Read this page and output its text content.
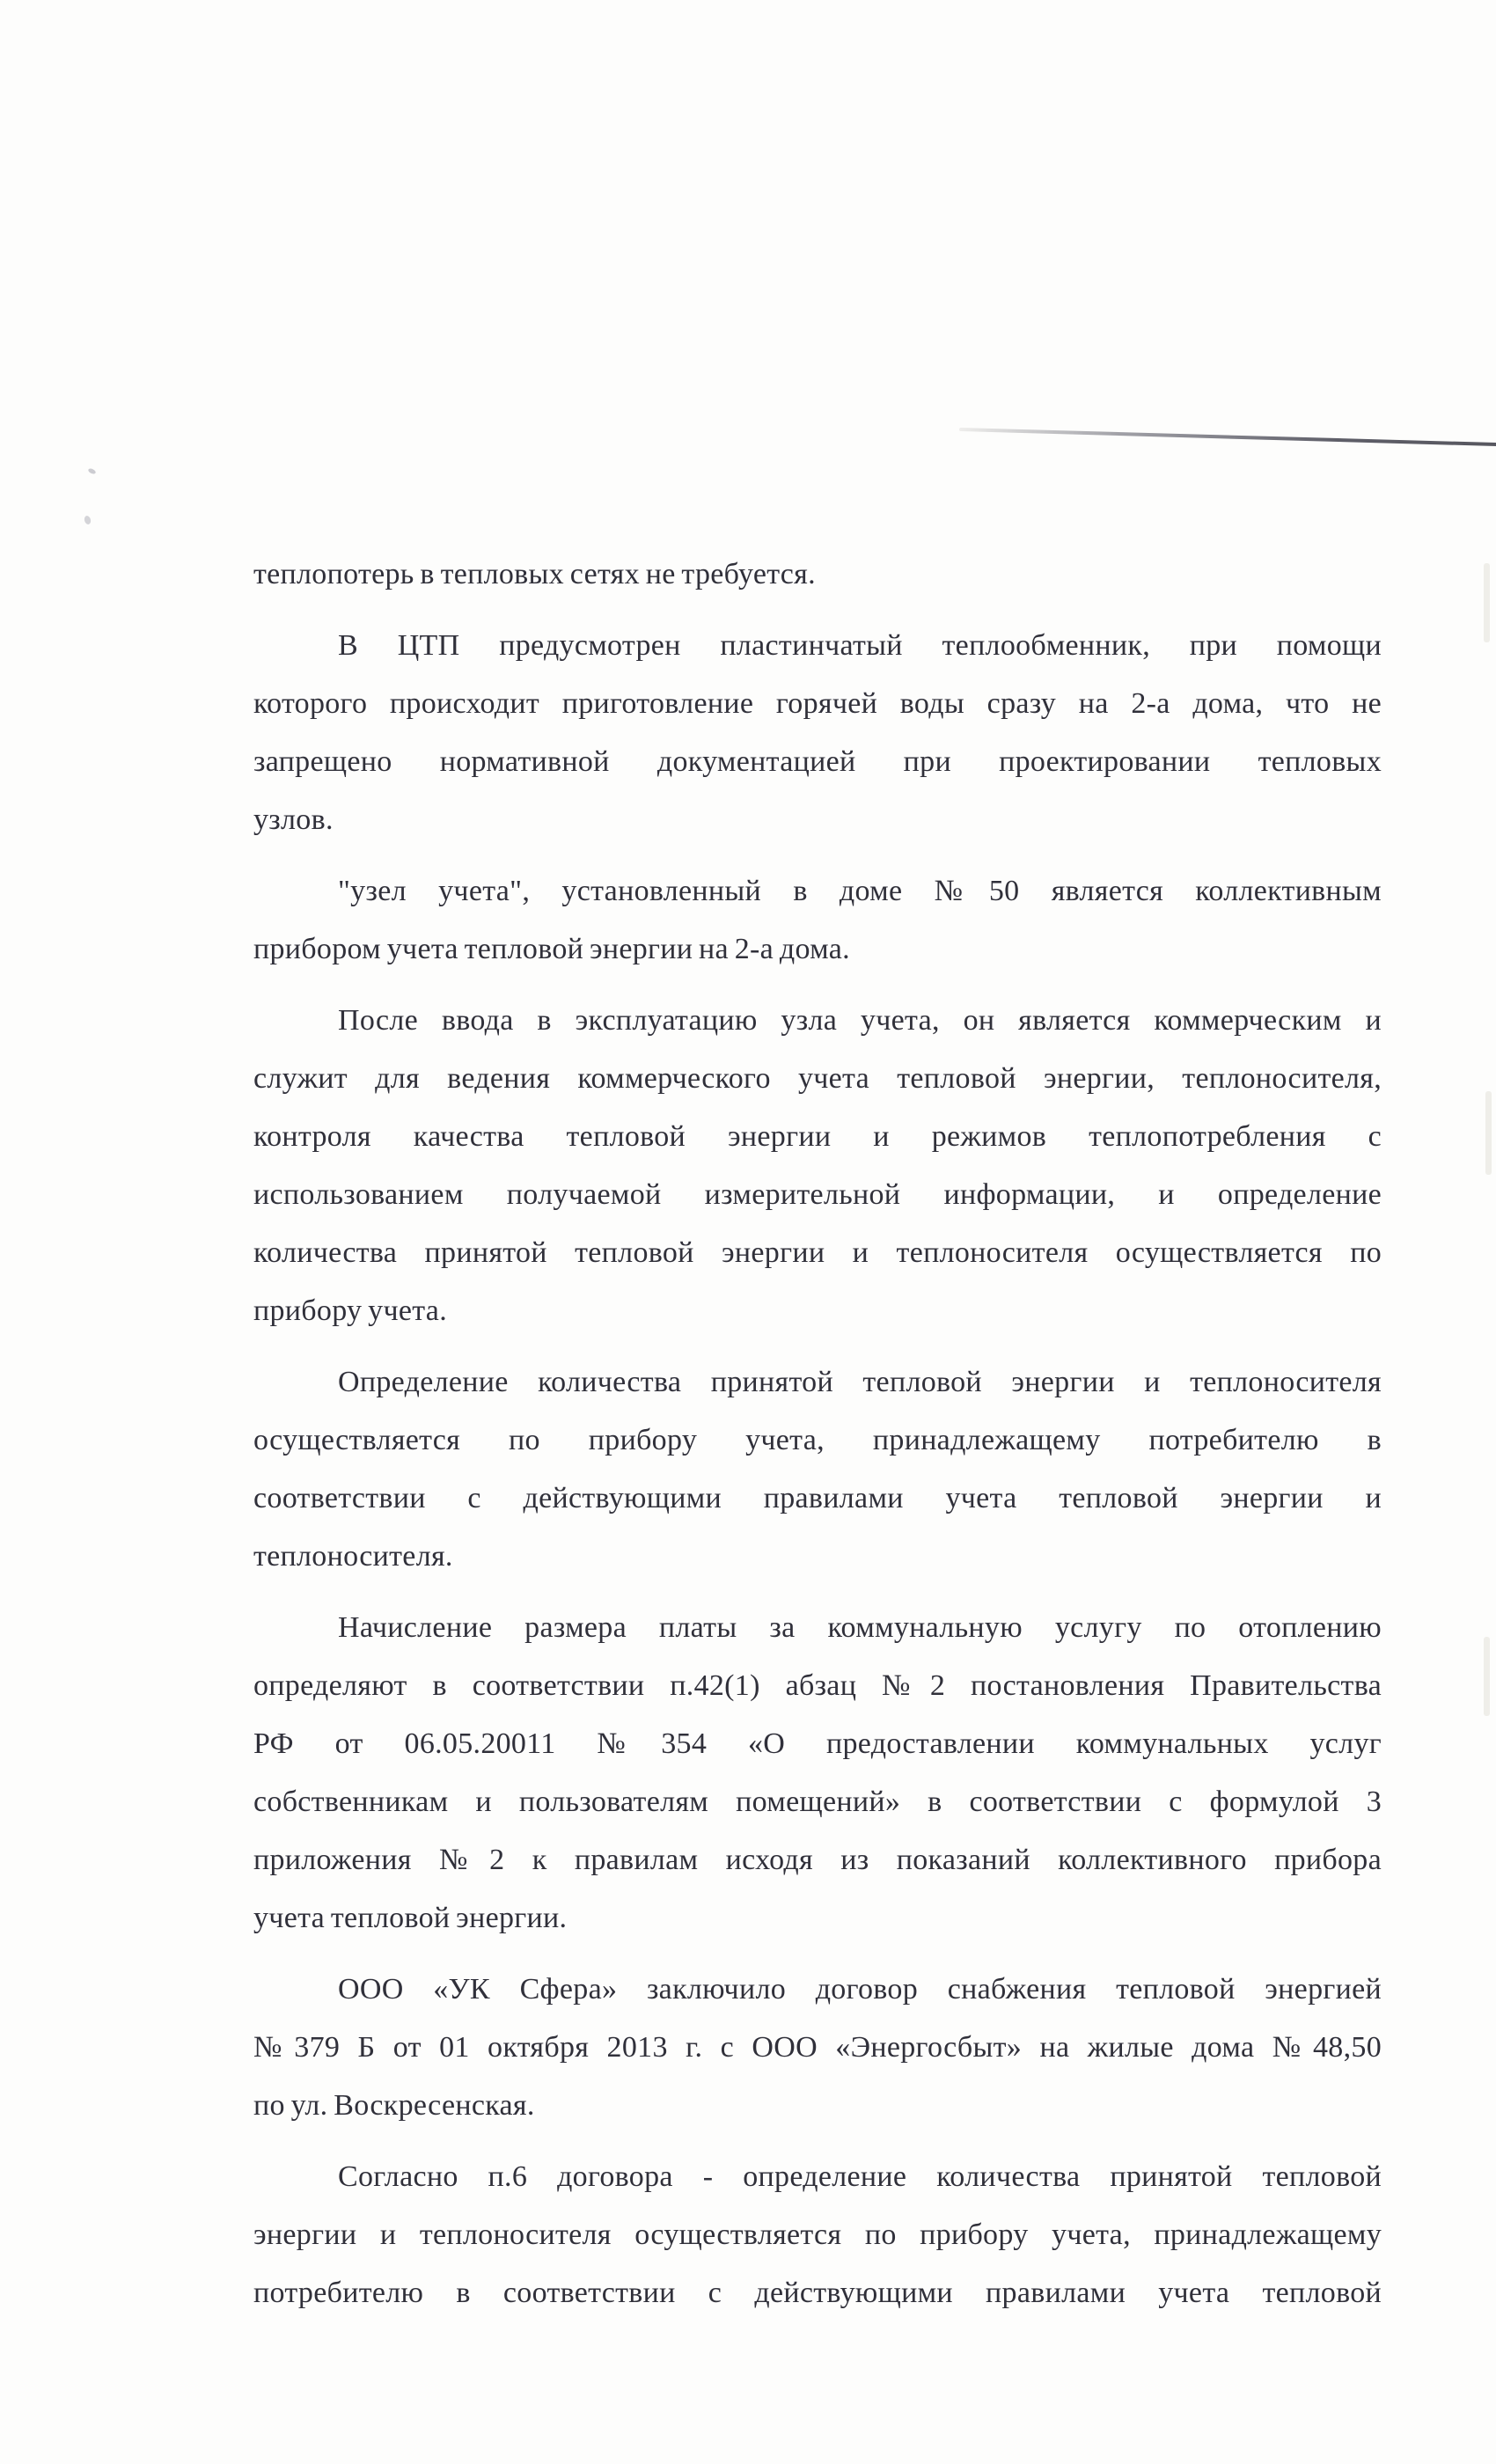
теплопотерь в тепловых сетях не требуется.
В ЦТП предусмотрен пластинчатый теплообменник, при помощи
которого происходит приготовление горячей воды сразу на 2-а дома, что не
запрещено нормативной документацией при проектировании тепловых
узлов.
"узел учета", установленный в доме №50 является коллективным
прибором учета тепловой энергии на 2-а дома.
После ввода в эксплуатацию узла учета, он является коммерческим и
служит для ведения коммерческого учета тепловой энергии, теплоносителя,
контроля качества тепловой энергии и режимов теплопотребления с
использованием получаемой измерительной информации, и определение
количества принятой тепловой энергии и теплоносителя осуществляется по
прибору учета.
Определение количества принятой тепловой энергии и теплоносителя
осуществляется по прибору учета, принадлежащему потребителю в
соответствии с действующими правилами учета тепловой энергии и
теплоносителя.
Начисление размера платы за коммунальную услугу по отоплению
определяют в соответствии п.42(1) абзац №2 постановления Правительства
РФ от 06.05.20011 №354 «О предоставлении коммунальных услуг
собственникам и пользователям помещений» в соответствии с формулой 3
приложения №2 к правилам исходя из показаний коллективного прибора
учета тепловой энергии.
ООО «УК Сфера» заключило договор снабжения тепловой энергией
№379 Б от 01 октября 2013 г. с ООО «Энергосбыт» на жилые дома №48,50
по ул. Воскресенская.
Согласно п.6 договора - определение количества принятой тепловой
энергии и теплоносителя осуществляется по прибору учета, принадлежащему
потребителю в соответствии с действующими правилами учета тепловой
